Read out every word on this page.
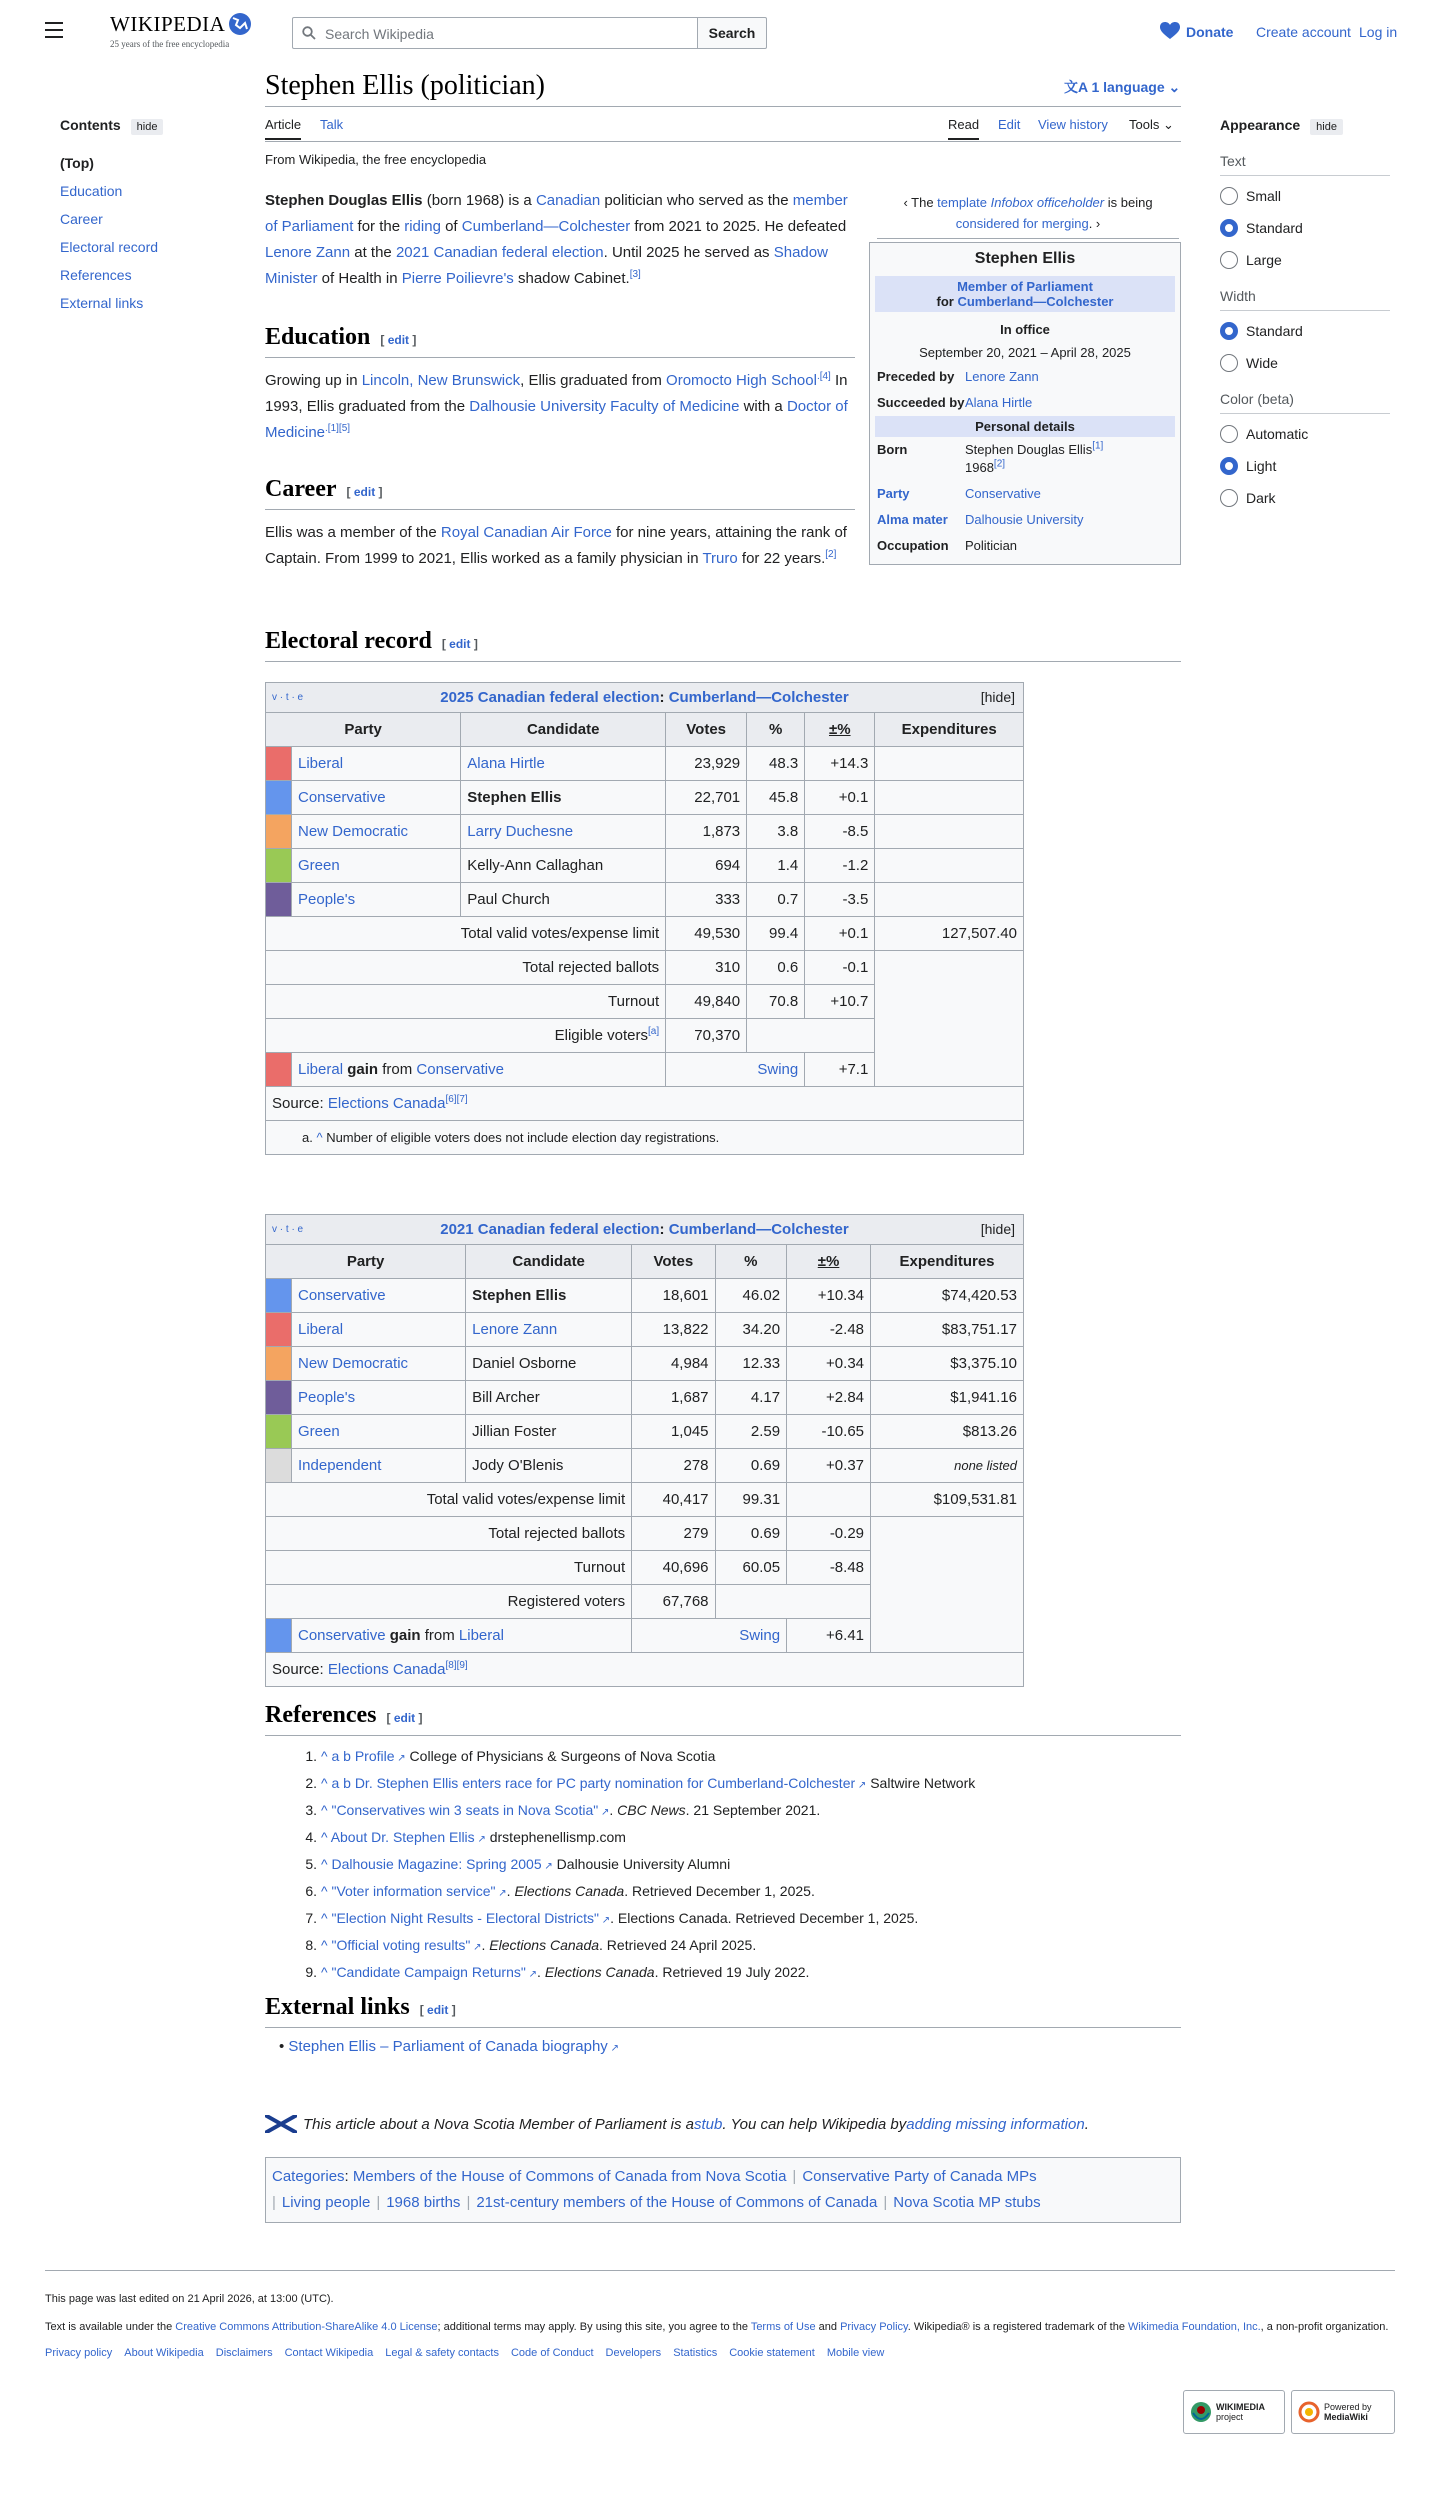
WIKIPEDIA
25 years of the free encyclopedia
Search Wikipedia
Search	Donate Create account Log in
Stephen Ellis (politician)	文A 1 language ⌄
Article Talk	Read Edit View history Tools ⌄
Contents hide
(Top)
Education
Career
Electoral record
References
External links
Appearance hide
Text
Small
Standard
Large
Width
Standard
Wide
Color (beta)
Automatic
Light
Dark
From Wikipedia, the free encyclopedia

Stephen Douglas Ellis (born 1968) is a Canadian politician who served as the member of Parliament for the riding of Cumberland—Colchester from 2021 to 2025. He defeated Lenore Zann at the 2021 Canadian federal election. Until 2025 he served as Shadow Minister of Health in Pierre Poilievre's shadow Cabinet.[3]

‹ The template Infobox officeholder is being considered for merging. ›
Stephen Ellis
Member of Parliament
for Cumberland—Colchester
In office
September 20, 2021 – April 28, 2025
Preceded by Lenore Zann
Succeeded by Alana Hirtle
Personal details
Born	Stephen Douglas Ellis[1]
1968[2]
Party	Conservative
Alma mater	Dalhousie University
Occupation	Politician
Education [ edit ]

Growing up in Lincoln, New Brunswick, Ellis graduated from Oromocto High School$^{.[4]}$ In 1993, Ellis graduated from the Dalhousie University Faculty of Medicine with a Doctor of Medicine$^{.[1][5]}$

Career [ edit ]

Ellis was a member of the Royal Canadian Air Force for nine years, attaining the rank of Captain. From 1999 to 2021, Ellis worked as a family physician in Truro for 22 years.[2]

Electoral record [ edit ]
v · t · e 2025 Canadian federal election: Cumberland—Colchester [hide]						

Party		Candidate	Votes	%	±%	Expenditures
	Liberal	Alana Hirtle	23,929	48.3	+14.3	
	Conservative	Stephen Ellis	22,701	45.8	+0.1	
	New Democratic	Larry Duchesne	1,873	3.8	-8.5	
	Green	Kelly-Ann Callaghan	694	1.4	-1.2	
	People's	Paul Church	333	0.7	-3.5	
Total valid votes/expense limit			49,530	99.4	+0.1	127,507.40
Total rejected ballots			310	0.6	-0.1	
Turnout			49,840	70.8	+10.7	
Eligible voters[a]			70,370			
	Liberal gain from Conservative		Swing		+7.1	
Source: Elections Canada[6][7]
a. ^ Number of eligible voters does not include election day registrations.						
v · t · e 2021 Canadian federal election: Cumberland—Colchester [hide]						

Party		Candidate	Votes	%	±%	Expenditures
	Conservative	Stephen Ellis	18,601	46.02	+10.34	$74,420.53
	Liberal	Lenore Zann	13,822	34.20	-2.48	$83,751.17
	New Democratic	Daniel Osborne	4,984	12.33	+0.34	$3,375.10
	People's	Bill Archer	1,687	4.17	+2.84	$1,941.16
	Green	Jillian Foster	1,045	2.59	-10.65	$813.26
	Independent	Jody O'Blenis	278	0.69	+0.37	none listed
Total valid votes/expense limit			40,417	99.31		$109,531.81
Total rejected ballots			279	0.69	-0.29	
Turnout			40,696	60.05	-8.48	
Registered voters			67,768			
	Conservative gain from Liberal		Swing		+6.41	
Source: Elections Canada[8][9]
References [ edit ]
1. ^ a b Profile ↗ College of Physicians & Surgeons of Nova Scotia
2. ^ a b Dr. Stephen Ellis enters race for PC party nomination for Cumberland-Colchester ↗ Saltwire Network
3. ^ "Conservatives win 3 seats in Nova Scotia" ↗ . CBC News. 21 September 2021.
4. ^ About Dr. Stephen Ellis ↗ drstephenellismp.com
5. ^ Dalhousie Magazine: Spring 2005 ↗ Dalhousie University Alumni
6. ^ "Voter information service" ↗ . Elections Canada. Retrieved December 1, 2025.
7. ^ "Election Night Results - Electoral Districts" ↗ . Elections Canada. Retrieved December 1, 2025.
8. ^ "Official voting results" ↗ . Elections Canada. Retrieved 24 April 2025.
9. ^ "Candidate Campaign Returns" ↗ . Elections Canada. Retrieved 19 July 2022.
External links [ edit ]
• Stephen Ellis – Parliament of Canada biography ↗
This article about a Nova Scotia Member of Parliament is a stub . You can help Wikipedia by adding missing information .
Categories: Members of the House of Commons of Canada from Nova Scotia | Conservative Party of Canada MPs
| Living people | 1968 births | 21st-century members of the House of Commons of Canada | Nova Scotia MP stubs
This page was last edited on 21 April 2026, at 13:00 (UTC).
Text is available under the Creative Commons Attribution-ShareAlike 4.0 License; additional terms may apply. By using this site, you agree to the Terms of Use and Privacy Policy. Wikipedia® is a registered trademark of the Wikimedia Foundation, Inc., a non-profit organization.
Privacy policy About Wikipedia Disclaimers Contact Wikipedia Legal & safety contacts Code of Conduct Developers Statistics Cookie statement Mobile view
WIKIMEDIA
project
Powered by
MediaWiki
